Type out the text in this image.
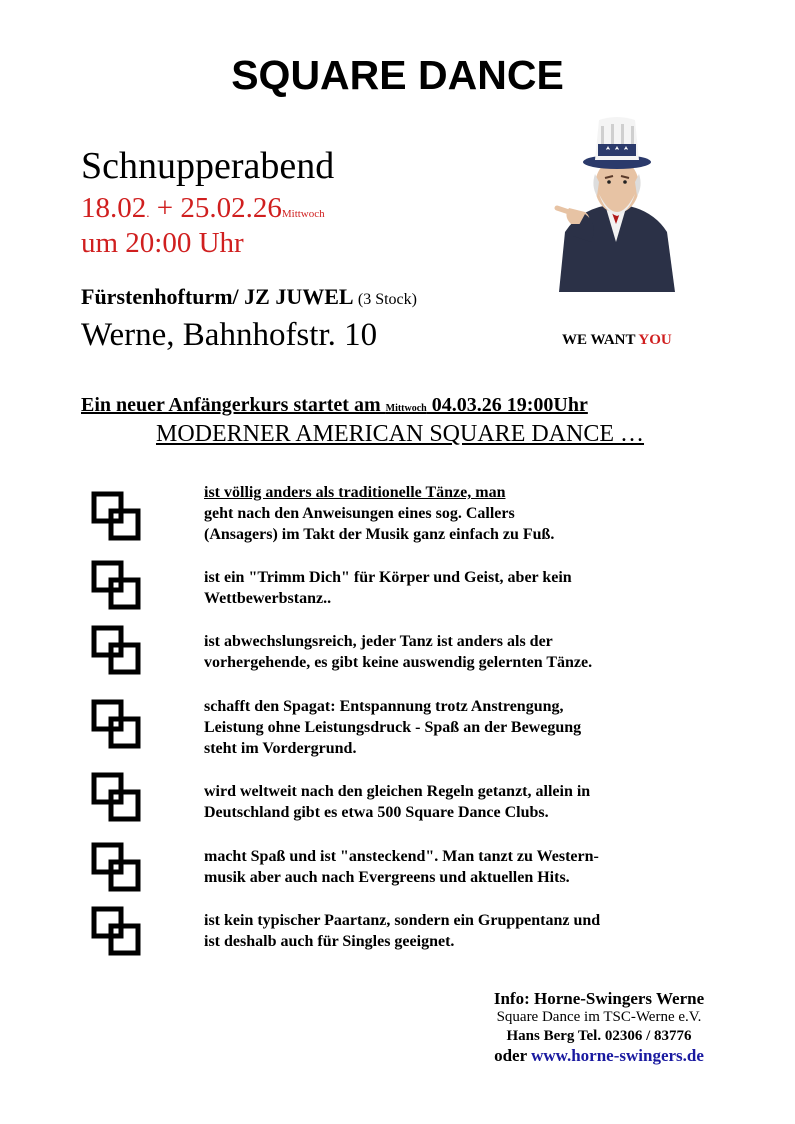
SQUARE DANCE
Schnupperabend
18.02. + 25.02.26Mittwoch
um 20:00 Uhr
Fürstenhofturm/ JZ JUWEL (3 Stock)
Werne, Bahnhofstr. 10	WE WANT YOU
Ein neuer Anfängerkurs startet am Mittwoch 04.03.26 19:00Uhr
MODERNER AMERICAN SQUARE DANCE …

ist völlig anders als traditionelle Tänze, man

geht nach den Anweisungen eines sog. Callers

(Ansagers) im Takt der Musik ganz einfach zu Fuß.

ist ein "Trimm Dich" für Körper und Geist, aber kein

Wettbewerbstanz..

ist abwechslungsreich, jeder Tanz ist anders als der

vorhergehende, es gibt keine auswendig gelernten Tänze.

schafft den Spagat: Entspannung trotz Anstrengung,

Leistung ohne Leistungsdruck - Spaß an der Bewegung

steht im Vordergrund.

wird weltweit nach den gleichen Regeln getanzt, allein in

Deutschland gibt es etwa 500 Square Dance Clubs.

macht Spaß und ist "ansteckend". Man tanzt zu Western-

musik aber auch nach Evergreens und aktuellen Hits.

ist kein typischer Paartanz, sondern ein Gruppentanz und

ist deshalb auch für Singles geeignet.

Info: Horne-Swingers Werne
Square Dance im TSC-Werne e.V.
Hans Berg Tel. 02306 / 83776
oder www.horne-swingers.de
